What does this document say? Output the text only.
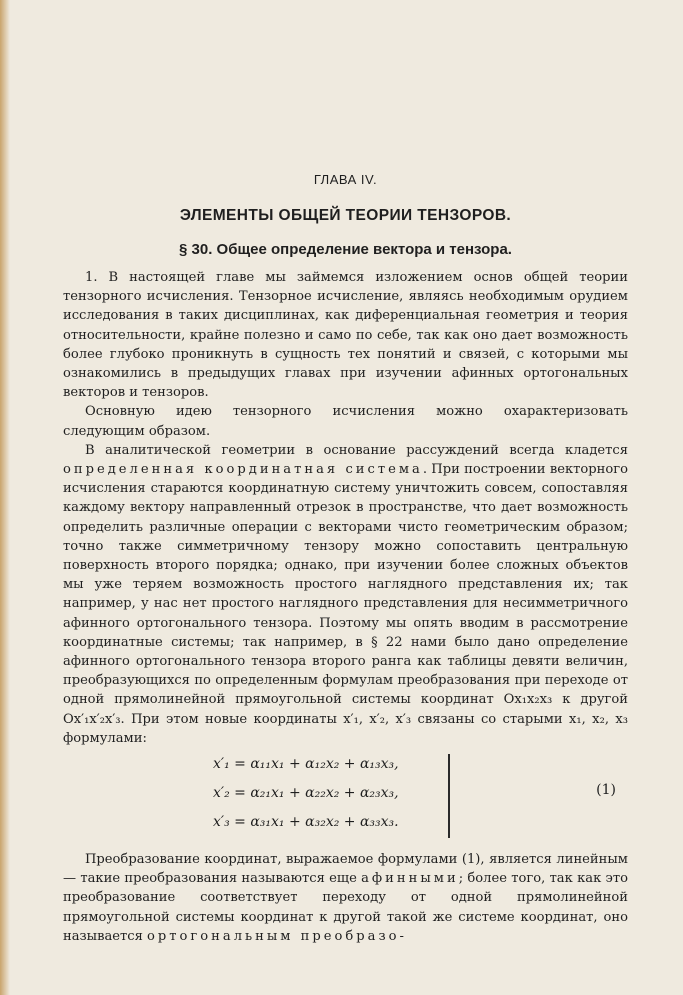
ГЛАВА IV.
ЭЛЕМЕНТЫ ОБЩЕЙ ТЕОРИИ ТЕНЗОРОВ.
§ 30. Общее определение вектора и тензора.

1. В настоящей главе мы займемся изложением основ общей теории тензорного исчисления. Тензорное исчисление, являясь необходимым орудием исследования в таких дисциплинах, как диференциальная геометрия и теория относительности, крайне полезно и само по себе, так как оно дает возможность более глубоко проникнуть в сущность тех понятий и связей, с которыми мы ознакомились в предыдущих главах при изучении афинных ортогональных векторов и тензоров.

Основную идею тензорного исчисления можно охарактеризовать следующим образом.

В аналитической геометрии в основание рассуждений всегда кладется определенная координатная система. При построении векторного исчисления стараются координатную систему уничтожить совсем, сопоставляя каждому вектору направленный отрезок в пространстве, что дает возможность определить различные операции с векторами чисто геометрическим образом; точно также симметричному тензору можно сопоставить центральную поверхность второго порядка; однако, при изучении более сложных объектов мы уже теряем возможность простого наглядного представления их; так например, у нас нет простого наглядного представления для несимметричного афинного ортогонального тензора. Поэтому мы опять вводим в рассмотрение координатные системы; так например, в § 22 нами было дано определение афинного ортогонального тензора второго ранга как таблицы девяти величин, преобразующихся по определенным формулам преобразования при переходе от одной прямолинейной прямоугольной системы координат Ox₁x₂x₃ к другой Ox′₁x′₂x′₃. При этом новые координаты x′₁, x′₂, x′₃ связаны со старыми x₁, x₂, x₃ формулами:

x′₁ = α₁₁x₁ + α₁₂x₂ + α₁₃x₃,
x′₂ = α₂₁x₁ + α₂₂x₂ + α₂₃x₃,
x′₃ = α₃₁x₁ + α₃₂x₂ + α₃₃x₃.
(1)

Преобразование координат, выражаемое формулами (1), является линейным — такие преобразования называются еще афинными; более того, так как это преобразование соответствует переходу от одной прямолинейной прямоугольной системы координат к другой такой же системе координат, оно называется ортогональным преобразо-
